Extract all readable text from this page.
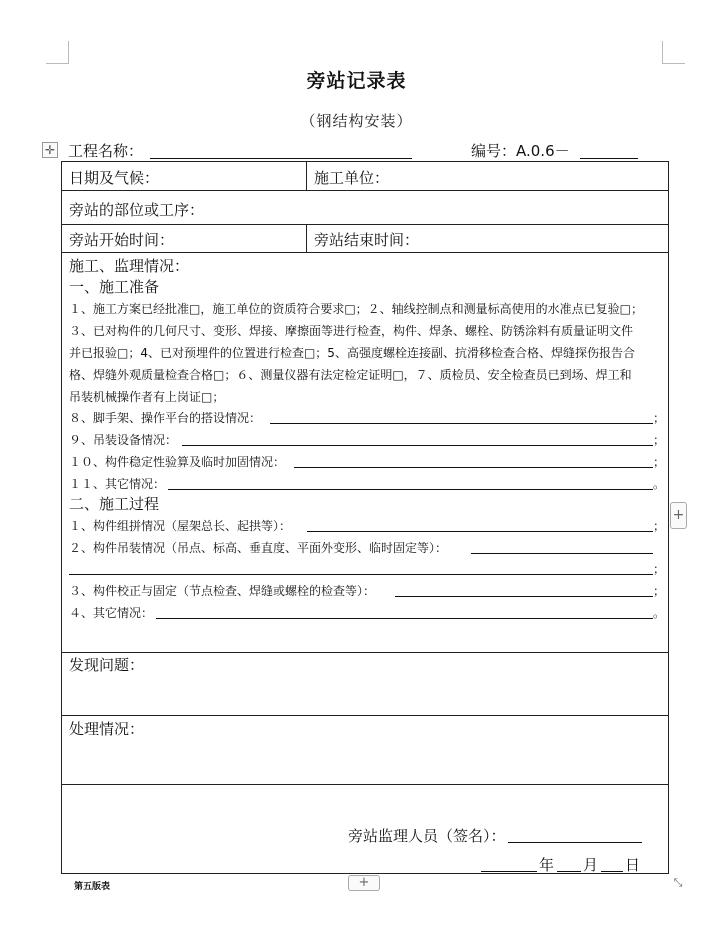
旁站记录表
（钢结构安装）
✛ 工程名称：	编号：A.0.6－
日期及气候：	施工单位：
旁站的部位或工序：
旁站开始时间：	旁站结束时间：
施工、监理情况：
一、施工准备
１、施工方案已经批准□，施工单位的资质符合要求□；２、轴线控制点和测量标高使用的水准点已复验□；
３、已对构件的几何尺寸、变形、焊接、摩擦面等进行检查，构件、焊条、螺栓、防锈涂料有质量证明文件
并已报验□；4、已对预埋件的位置进行检查□；5、高强度螺栓连接副、抗滑移检查合格、焊缝探伤报告合
格、焊缝外观质量检查合格□；６、测量仪器有法定检定证明□，７、质检员、安全检查员已到场、焊工和
吊装机械操作者有上岗证□；
８、脚手架、操作平台的搭设情况：	；
９、吊装设备情况：	；
１０、构件稳定性验算及临时加固情况：	；
１１、其它情况：	。
二、施工过程
１、构件组拼情况（屋架总长、起拱等）：	；
２、构件吊装情况（吊点、标高、垂直度、平面外变形、临时固定等）：
；
３、构件校正与固定（节点检查、焊缝或螺栓的检查等）：	；
４、其它情况：	。
发现问题：
处理情况：
旁站监理人员（签名）：
年 月 日
+
+	⤡
第五版表
